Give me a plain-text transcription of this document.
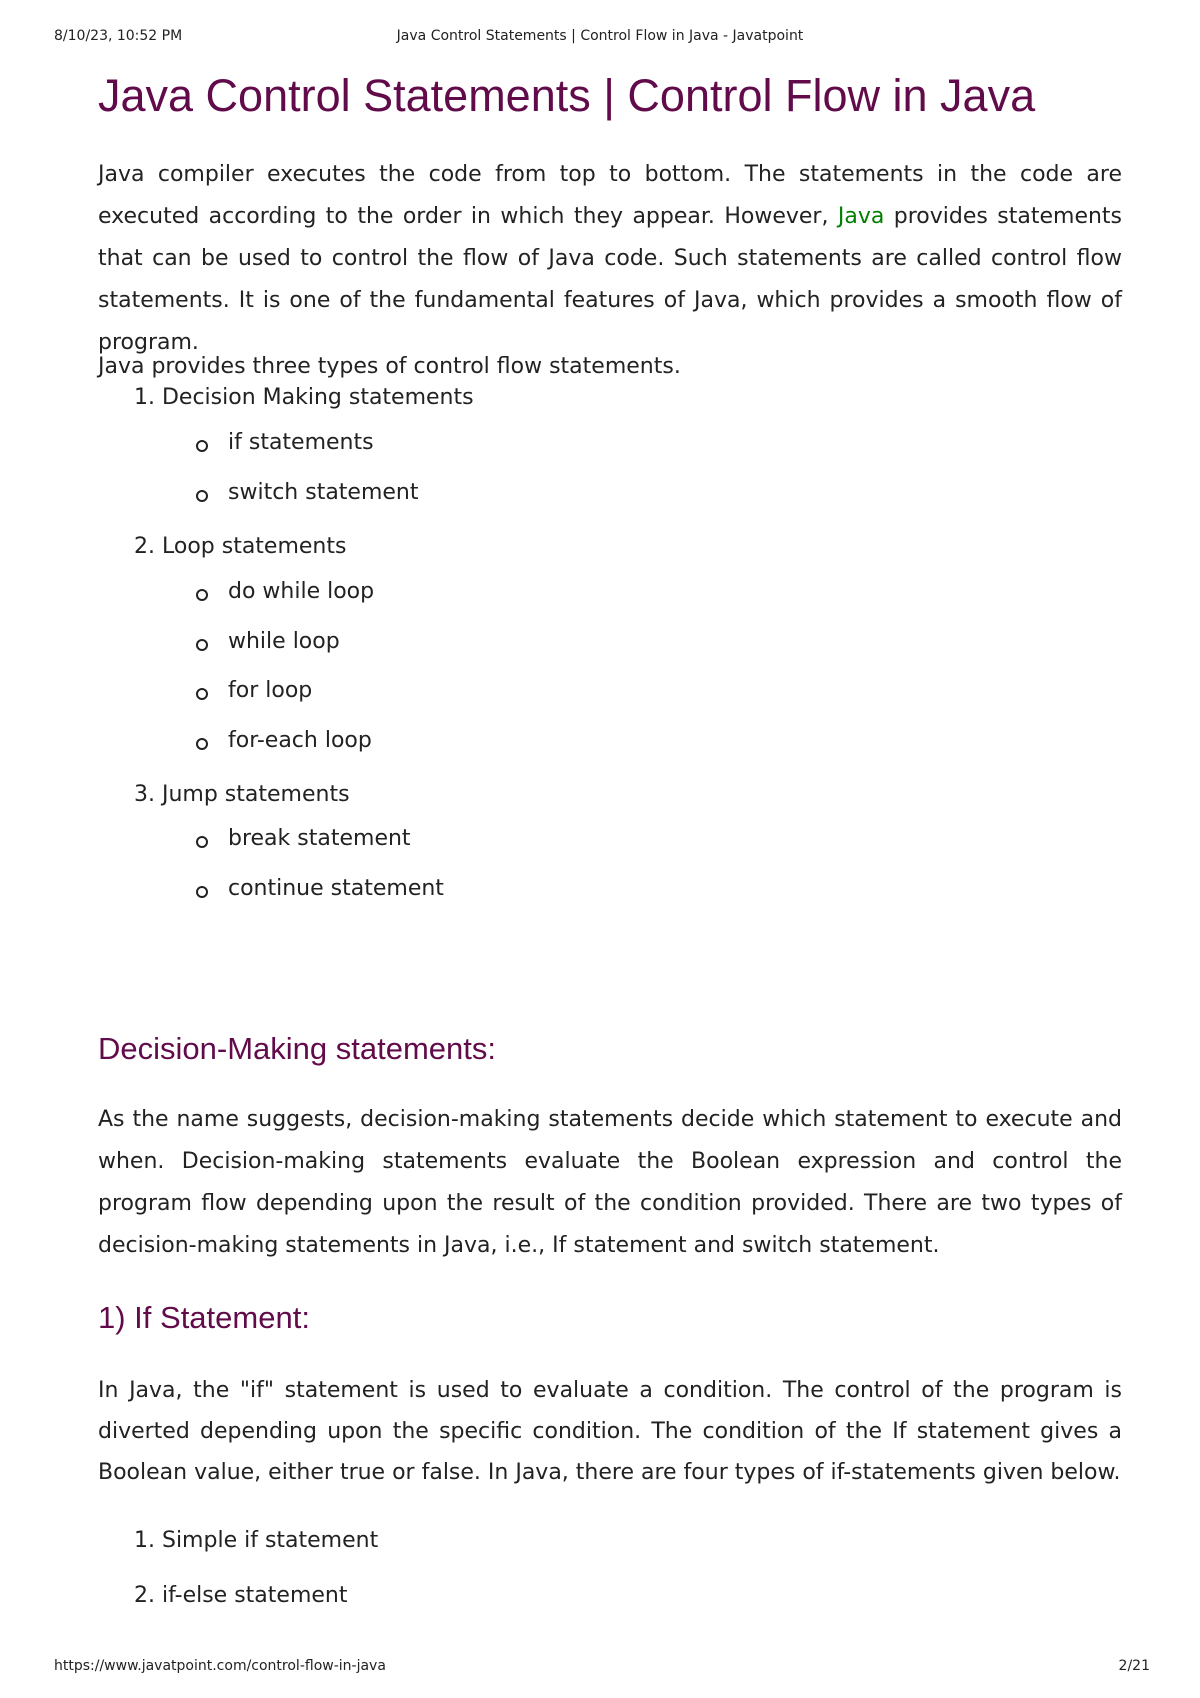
8/10/23, 10:52 PM	Java Control Statements | Control Flow in Java - Javatpoint
Java Control Statements | Control Flow in Java

Java compiler executes the code from top to bottom. The statements in the code are executed according to the order in which they appear. However, Java provides statements that can be used to control the flow of Java code. Such statements are called control flow statements. It is one of the fundamental features of Java, which provides a smooth flow of program.

Java provides three types of control flow statements.

1. Decision Making statements
if statements
switch statement
2. Loop statements
do while loop
while loop
for loop
for-each loop
3. Jump statements
break statement
continue statement
Decision-Making statements:

As the name suggests, decision-making statements decide which statement to execute and when. Decision-making statements evaluate the Boolean expression and control the program flow depending upon the result of the condition provided. There are two types of decision-making statements in Java, i.e., If statement and switch statement.

1) If Statement:

In Java, the "if" statement is used to evaluate a condition. The control of the program is diverted depending upon the specific condition. The condition of the If statement gives a Boolean value, either true or false. In Java, there are four types of if-statements given below.

1. Simple if statement
2. if-else statement
https://www.javatpoint.com/control-flow-in-java	2/21
